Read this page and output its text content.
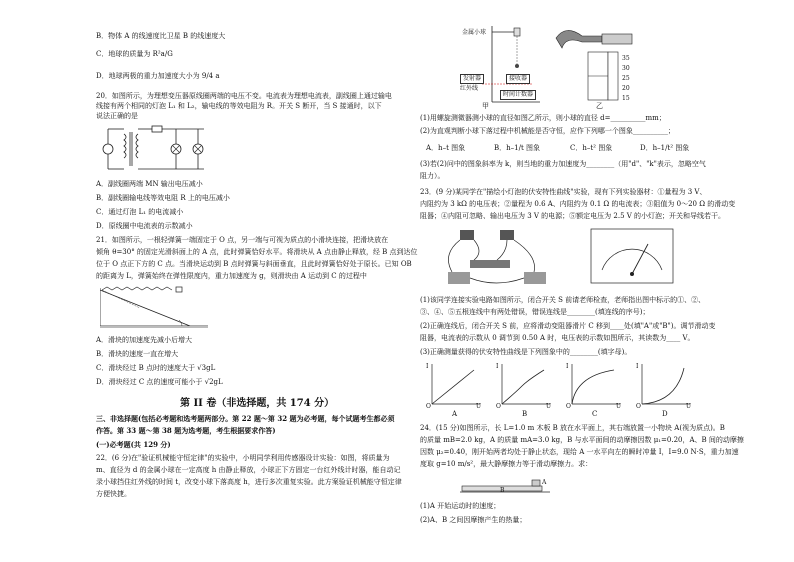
B．物体 A 的线速度比卫星 B 的线速度大
C．地球的质量为 R²a/G
D．地球两极的重力加速度大小为 9/4 a
20．如图所示，为理想变压器原线圈两端的电压不变。电流表为理想电流表，副线圈上通过输电
线接有两个相同的灯泡 L₁ 和 L₂，输电线的等效电阻为 R。开关 S 断开，当 S 接通时，以下
说法正确的是
A．副线圈两端 MN 输出电压减小
B．副线圈输电线等效电阻 R 上的电压减小
C．通过灯泡 L₁ 的电流减小
D．原线圈中电流表的示数减小
21．如图所示，一根轻弹簧一端固定于 O 点，另一端与可视为质点的小滑块连接，把滑块放在
倾角 θ=30° 的固定光滑斜面上的 A 点，此时弹簧恰好水平。将滑块从 A 点由静止释放，经 B 点到达位
位于 O 点正下方的 C 点。当滑块运动到 B 点时弹簧与斜面垂直，且此时弹簧恰好处于原长。已知 OB
的距离为 L，弹簧始终在弹性限度内，重力加速度为 g，则滑块由 A 运动到 C 的过程中
A．滑块的加速度先减小后增大
B．滑块的速度一直在增大
C．滑块经过 B 点时的速度大于 √3gL
D．滑块经过 C 点的速度可能小于 √2gL
第 II 卷（非选择题，共 174 分）
三、非选择题(包括必考题和选考题两部分。第 22 题～第 32 题为必考题，每个试题考生都必须
作答。第 33 题～第 38 题为选考题，考生根据要求作答)
(一)必考题(共 129 分)
22．(6 分)在"验证机械能守恒定律"的实验中，小明同学利用传感器设计实验：如图，将质量为
m、直径为 d 的金属小球在一定高度 h 由静止释放，小球正下方固定一台红外线计时器，能自动记
录小球挡住红外线的时间 t，改变小球下落高度 h，进行多次重复实验。此方案验证机械能守恒定律
方便快捷。
金属小球
发射器	接收器
红外线
时间计数器
甲
35
30
25
20
15
乙
(1)用螺旋测微器测小球的直径如图乙所示，则小球的直径 d=__________mm；
(2)为直观判断小球下落过程中机械能是否守恒，应作下列哪一个图象__________；
A．h–t 图象	B．h–1/t 图象	C．h–t² 图象	D．h–1/t² 图象
(3)若(2)问中的图象斜率为 k，则当地的重力加速度为________（用"d"、"k"表示，忽略空气
阻力）。
23．(9 分)某同学在"描绘小灯泡的伏安特性曲线"实验，现有下列实验器材：①量程为 3 V、
内阻约为 3 kΩ 的电压表；②量程为 0.6 A、内阻约为 0.1 Ω 的电流表；③阻值为 0～20 Ω 的滑动变
阻器；④内阻可忽略、输出电压为 3 V 的电源；⑤额定电压为 2.5 V 的小灯泡；开关和导线若干。
(1)该同学连接实验电路如图所示，闭合开关 S 前请老师检查，老师指出图中标示的①、②、
③、④、⑤五根连线中有两处错误，错误连线是________(填连线的序号)；
(2)正确连线后，闭合开关 S 前，应将滑动变阻器滑片 C 移到____处(填"A"或"B")。调节滑动变
阻器，电流表的示数从 0 调节到 0.50 A 时，电压表的示数如图所示，其读数为____ V。
(3)正确测量获得的伏安特性曲线是下列图象中的________(填字母)。
I
U
O
A
I
U
O
B
I
U
O
C
I
U
O
D
24．(15 分)如图所示，长 L=1.0 m 木板 B 放在水平面上，其右端放置一小物块 A(视为质点)。B
的质量 mB=2.0 kg，A 的质量 mA=3.0 kg，B 与水平面间的动摩擦因数 μ₁=0.20，A、B 间的动摩擦
因数 μ₂=0.40，刚开始两者均处于静止状态，现给 A 一水平向左的瞬时冲量 I，I=9.0 N·S，重力加速
度取 g=10 m/s²，最大静摩擦力等于滑动摩擦力。求：
A
B
(1)A 开始运动时的速度；
(2)A、B 之间因摩擦产生的热量；
